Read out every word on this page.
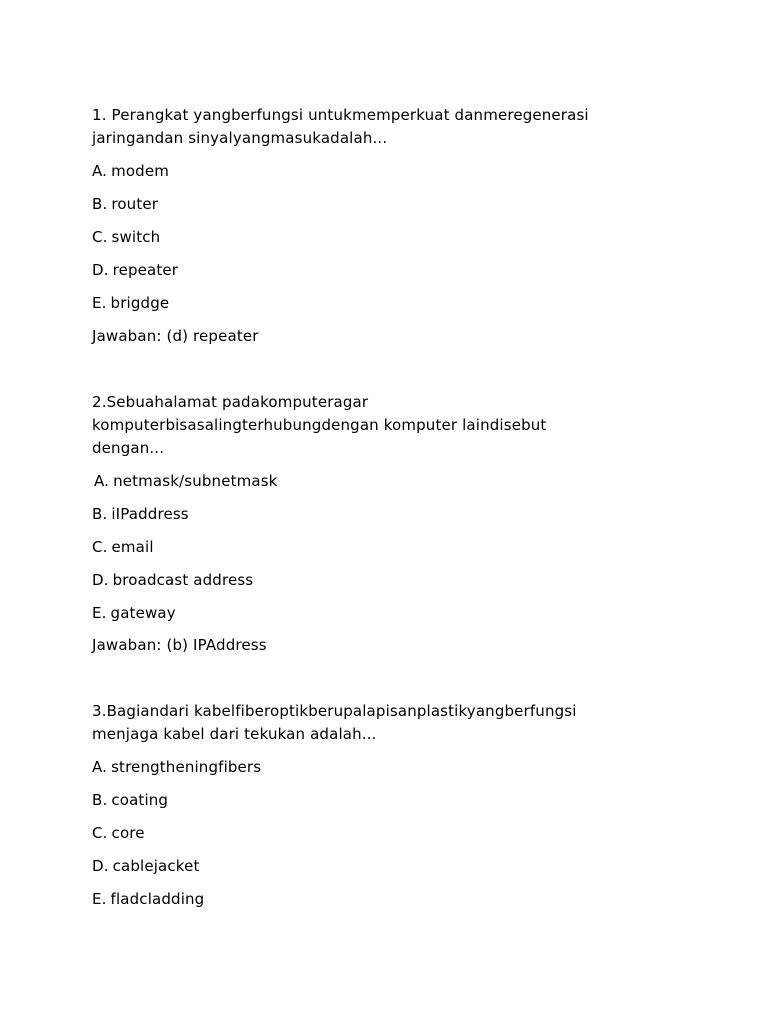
1. Perangkat yangberfungsi untukmemperkuat danmeregenerasi
jaringandan sinyalyangmasukadalah...
A. modem
B. router
C. switch
D. repeater
E. brigdge
Jawaban: (d) repeater
2.Sebuahalamat padakomputeragar
komputerbisasalingterhubungdengan komputer laindisebut
dengan...
A. netmask/subnetmask
B. iIPaddress
C. email
D. broadcast address
E. gateway
Jawaban: (b) IPAddress
3.Bagiandari kabelfiberoptikberupalapisanplastikyangberfungsi
menjaga kabel dari tekukan adalah...
A. strengtheningfibers
B. coating
C. core
D. cablejacket
E. fladcladding
